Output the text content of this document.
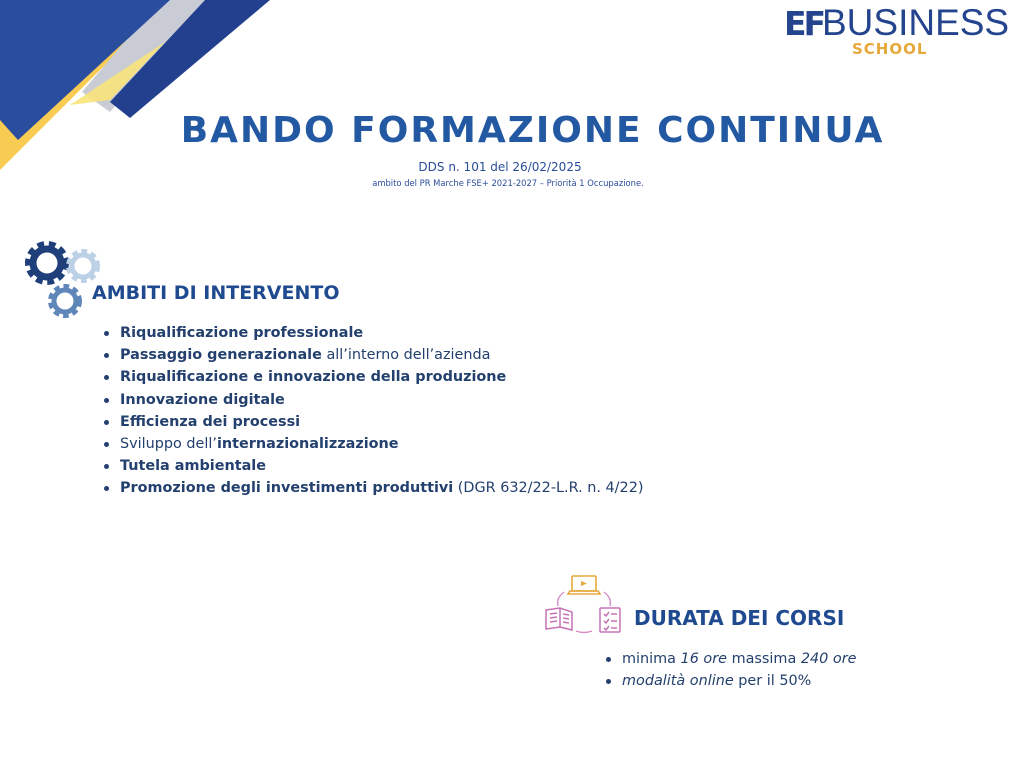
EF
BUSINESS
SCHOOL
BANDO FORMAZIONE CONTINUA
DDS n. 101 del 26/02/2025
ambito del PR Marche FSE+ 2021-2027 – Priorità 1 Occupazione.
AMBITI DI INTERVENTO
Riqualificazione professionale
Passaggio generazionale all’interno dell’azienda
Riqualificazione e innovazione della produzione
Innovazione digitale
Efficienza dei processi
Sviluppo dell’internazionalizzazione
Tutela ambientale
Promozione degli investimenti produttivi (DGR 632/22-L.R. n. 4/22)
DURATA DEI CORSI
minima 16 ore massima 240 ore
modalità online per il 50%
